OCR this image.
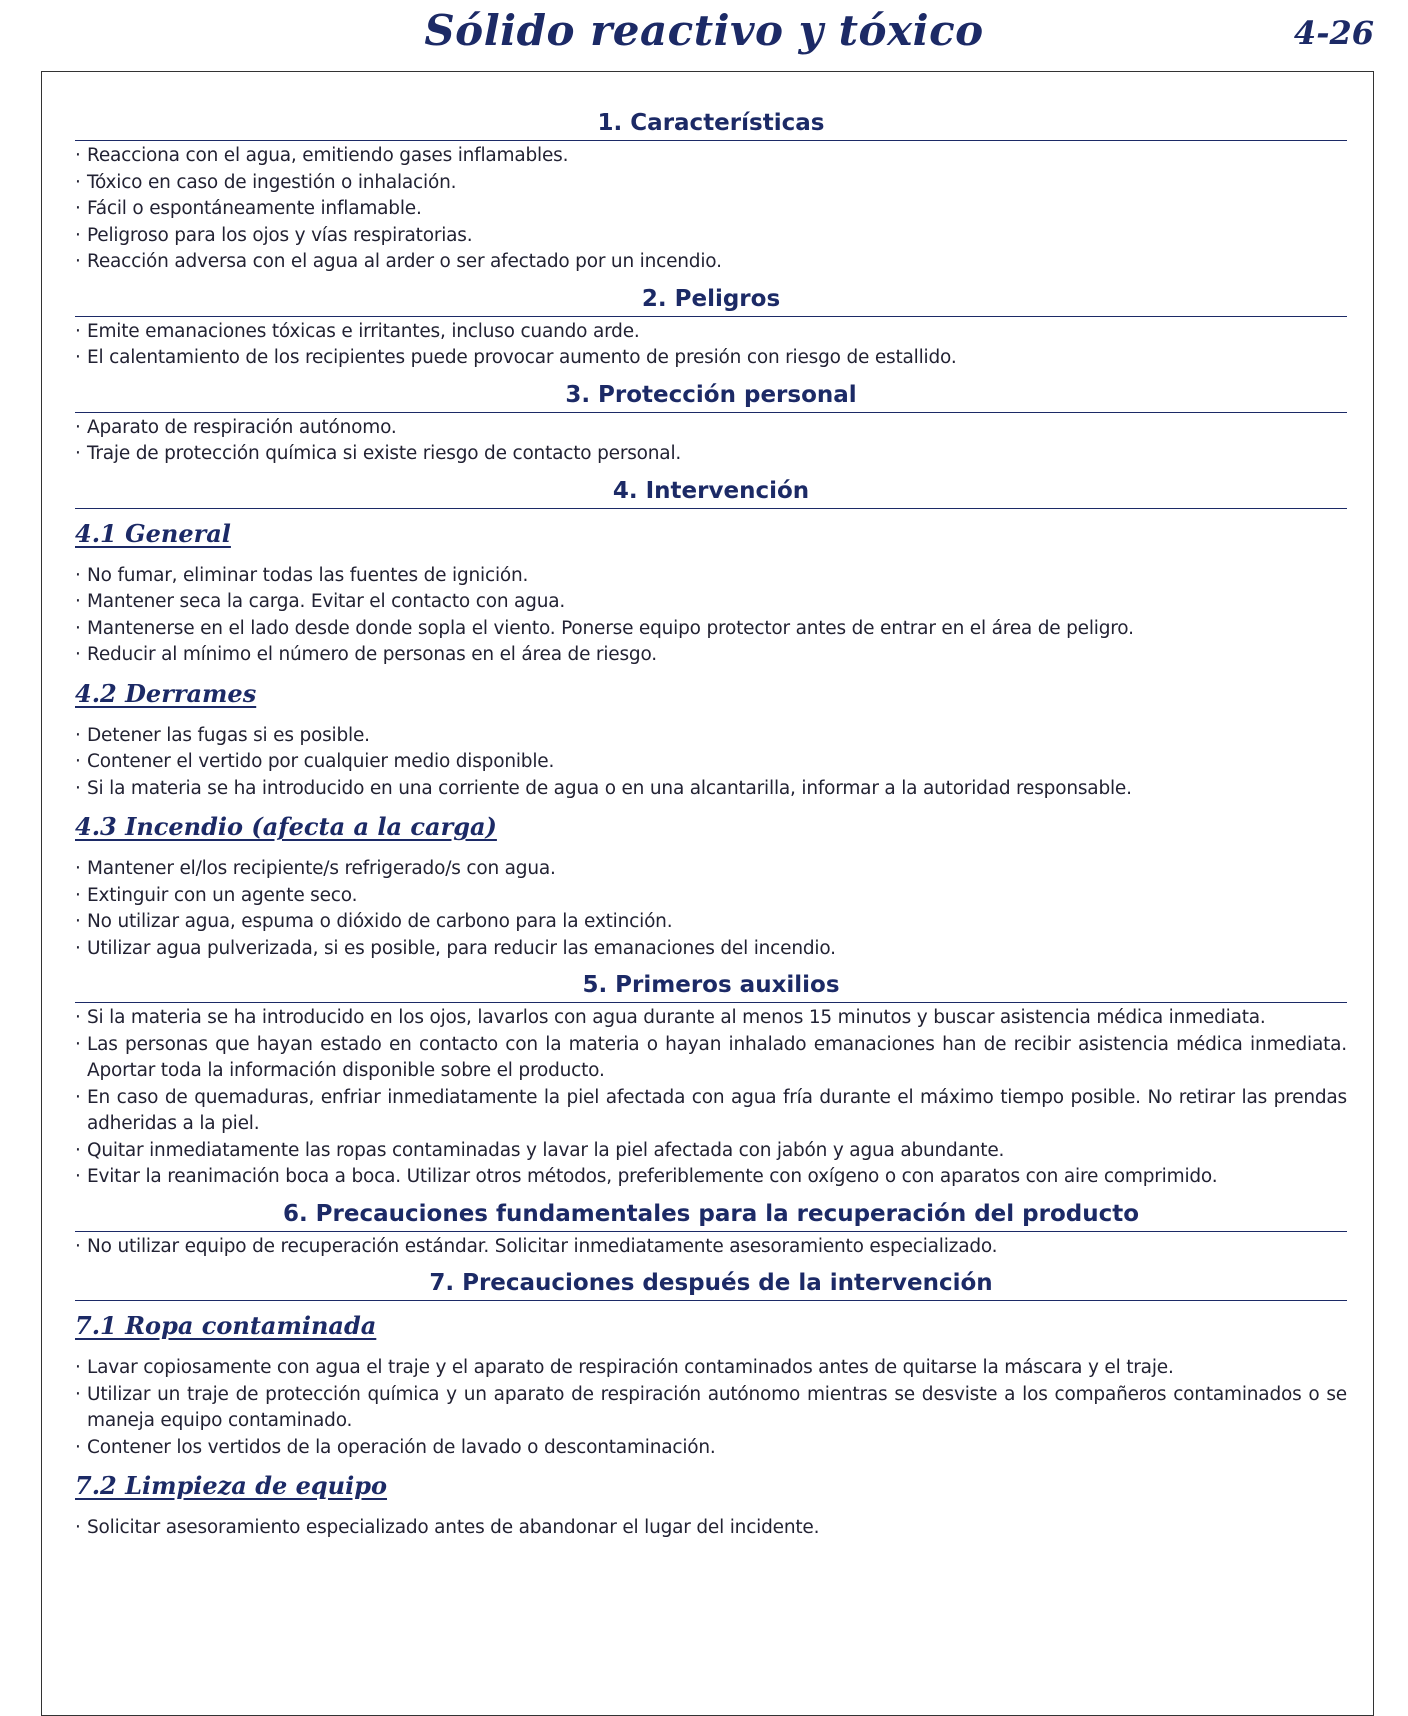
Sólido reactivo y tóxico	4-26
1. Características
· Reacciona con el agua, emitiendo gases inflamables.
· Tóxico en caso de ingestión o inhalación.
· Fácil o espontáneamente inflamable.
· Peligroso para los ojos y vías respiratorias.
· Reacción adversa con el agua al arder o ser afectado por un incendio.
2. Peligros
· Emite emanaciones tóxicas e irritantes, incluso cuando arde.
· El calentamiento de los recipientes puede provocar aumento de presión con riesgo de estallido.
3. Protección personal
· Aparato de respiración autónomo.
· Traje de protección química si existe riesgo de contacto personal.
4. Intervención
4.1 General
· No fumar, eliminar todas las fuentes de ignición.
· Mantener seca la carga. Evitar el contacto con agua.
· Mantenerse en el lado desde donde sopla el viento. Ponerse equipo protector antes de entrar en el área de peligro.
· Reducir al mínimo el número de personas en el área de riesgo.
4.2 Derrames
· Detener las fugas si es posible.
· Contener el vertido por cualquier medio disponible.
· Si la materia se ha introducido en una corriente de agua o en una alcantarilla, informar a la autoridad responsable.
4.3 Incendio (afecta a la carga)
· Mantener el/los recipiente/s refrigerado/s con agua.
· Extinguir con un agente seco.
· No utilizar agua, espuma o dióxido de carbono para la extinción.
· Utilizar agua pulverizada, si es posible, para reducir las emanaciones del incendio.
5. Primeros auxilios
· Si la materia se ha introducido en los ojos, lavarlos con agua durante al menos 15 minutos y buscar asistencia médica inmediata.
· Las personas que hayan estado en contacto con la materia o hayan inhalado emanaciones han de recibir asistencia médica inmediata. Aportar toda la información disponible sobre el producto.
· En caso de quemaduras, enfriar inmediatamente la piel afectada con agua fría durante el máximo tiempo posible. No retirar las prendas adheridas a la piel.
· Quitar inmediatamente las ropas contaminadas y lavar la piel afectada con jabón y agua abundante.
· Evitar la reanimación boca a boca. Utilizar otros métodos, preferiblemente con oxígeno o con aparatos con aire comprimido.
6. Precauciones fundamentales para la recuperación del producto
· No utilizar equipo de recuperación estándar. Solicitar inmediatamente asesoramiento especializado.
7. Precauciones después de la intervención
7.1 Ropa contaminada
· Lavar copiosamente con agua el traje y el aparato de respiración contaminados antes de quitarse la máscara y el traje.
· Utilizar un traje de protección química y un aparato de respiración autónomo mientras se desviste a los compañeros contaminados o se maneja equipo contaminado.
· Contener los vertidos de la operación de lavado o descontaminación.
7.2 Limpieza de equipo
· Solicitar asesoramiento especializado antes de abandonar el lugar del incidente.
